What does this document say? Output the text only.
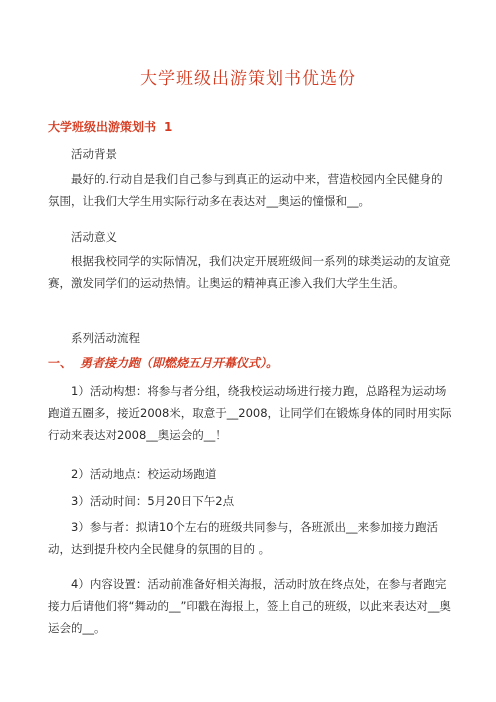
大学班级出游策划书优选份
大学班级出游策划书 1
活动背景
最好的.行动自是我们自己参与到真正的运动中来，营造校园内全民健身的氛围，让我们大学生用实际行动多在表达对__奥运的憧憬和__。
活动意义
根据我校同学的实际情况，我们决定开展班级间一系列的球类运动的友谊竞赛，激发同学们的运动热情。让奥运的精神真正渗入我们大学生生活。
系列活动流程
一、 勇者接力跑（即燃烧五月开幕仪式）。
1）活动构想：将参与者分组，绕我校运动场进行接力跑，总路程为运动场跑道五圈多，接近2008米，取意于__2008，让同学们在锻炼身体的同时用实际行动来表达对2008__奥运会的__！
2）活动地点：校运动场跑道
3）活动时间：5月20日下午2点
3）参与者：拟请10个左右的班级共同参与，各班派出__来参加接力跑活动，达到提升校内全民健身的氛围的目的 。
4）内容设置：活动前准备好相关海报，活动时放在终点处，在参与者跑完接力后请他们将“舞动的__”印戳在海报上，签上自己的班级，以此来表达对__奥运会的__。
